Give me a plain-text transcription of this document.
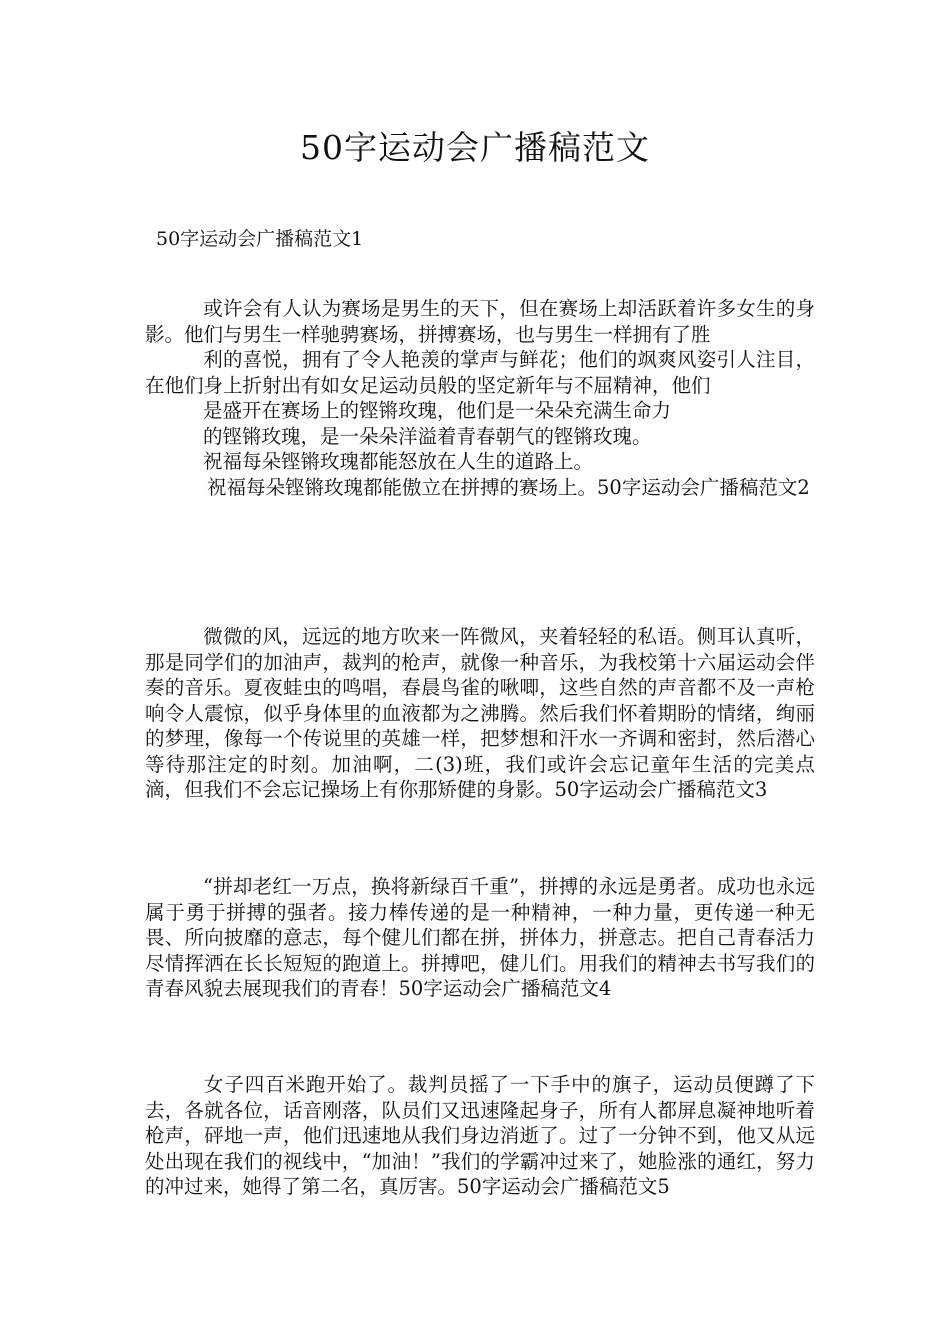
50字运动会广播稿范文
50字运动会广播稿范文1
或许会有人认为赛场是男生的天下，但在赛场上却活跃着许多女生的身影。他们与男生一样驰骋赛场，拼搏赛场，也与男生一样拥有了胜
利的喜悦，拥有了令人艳羡的掌声与鲜花；他们的飒爽风姿引人注目，在他们身上折射出有如女足运动员般的坚定新年与不屈精神，他们
是盛开在赛场上的铿锵玫瑰，他们是一朵朵充满生命力
的铿锵玫瑰，是一朵朵洋溢着青春朝气的铿锵玫瑰。
祝福每朵铿锵玫瑰都能怒放在人生的道路上。
祝福每朵铿锵玫瑰都能傲立在拼搏的赛场上。50字运动会广播稿范文2

微微的风，远远的地方吹来一阵微风，夹着轻轻的私语。侧耳认真听，那是同学们的加油声，裁判的枪声，就像一种音乐，为我校第十六届运动会伴奏的音乐。夏夜蛙虫的鸣唱，春晨鸟雀的啾唧，这些自然的声音都不及一声枪响令人震惊，似乎身体里的血液都为之沸腾。然后我们怀着期盼的情绪，绚丽的梦理，像每一个传说里的英雄一样，把梦想和汗水一齐调和密封，然后潜心等待那注定的时刻。加油啊，二(3)班，我们或许会忘记童年生活的完美点滴，但我们不会忘记操场上有你那矫健的身影。50字运动会广播稿范文3

“拼却老红一万点，换将新绿百千重”，拼搏的永远是勇者。成功也永远属于勇于拼搏的强者。接力棒传递的是一种精神，一种力量，更传递一种无畏、所向披靡的意志，每个健儿们都在拼，拼体力，拼意志。把自己青春活力尽情挥洒在长长短短的跑道上。拼搏吧，健儿们。用我们的精神去书写我们的青春风貌去展现我们的青春！50字运动会广播稿范文4

女子四百米跑开始了。裁判员摇了一下手中的旗子，运动员便蹲了下去，各就各位，话音刚落，队员们又迅速隆起身子，所有人都屏息凝神地听着枪声，砰地一声，他们迅速地从我们身边消逝了。过了一分钟不到，他又从远处出现在我们的视线中，“加油！”我们的学霸冲过来了，她脸涨的通红，努力的冲过来，她得了第二名，真厉害。50字运动会广播稿范文5
